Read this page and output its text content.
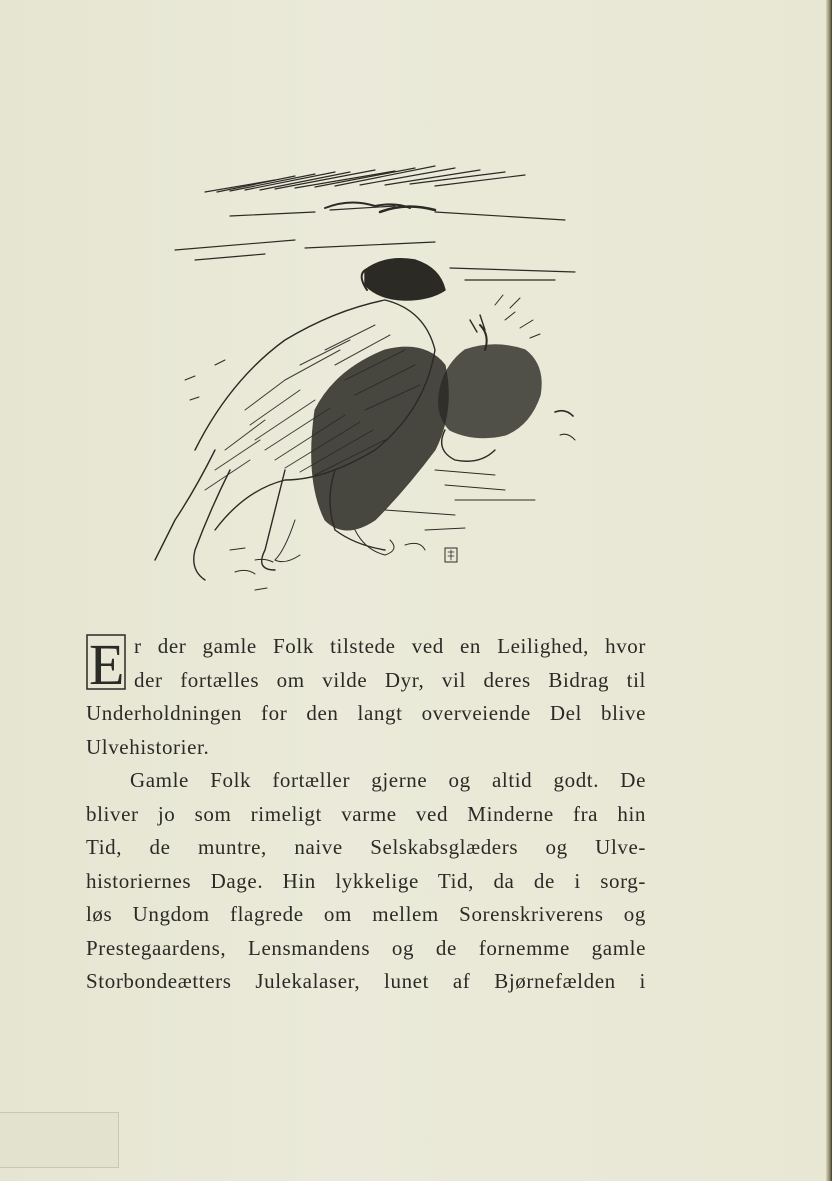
E r der gamle Folk tilstede ved en Leilighed, hvor
der fortælles om vilde Dyr, vil deres Bidrag til
Underholdningen for den langt overveiende Del blive
Ulvehistorier.

Gamle Folk fortæller gjerne og altid godt. De
bliver jo som rimeligt varme ved Minderne fra hin
Tid, de muntre, naive Selskabsglæders og Ulve-
historiernes Dage. Hin lykkelige Tid, da de i sorg-
løs Ungdom flagrede om mellem Sorenskriverens og
Prestegaardens, Lensmandens og de fornemme gamle
Storbondeætters Julekalaser, lunet af Bjørnefælden i
